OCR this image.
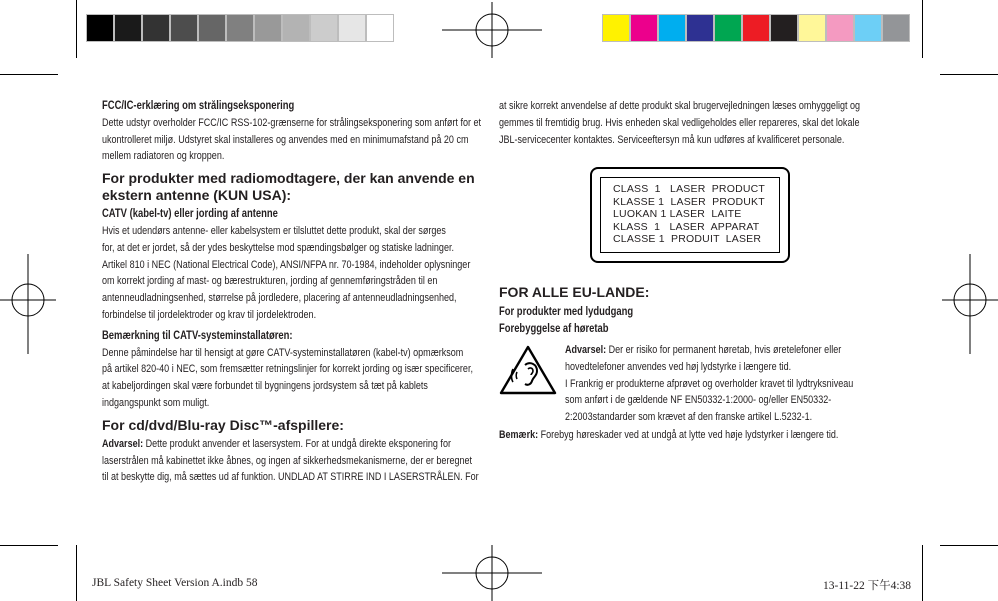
FCC/IC-erklæring om strålingseksponering
Dette udstyr overholder FCC/IC RSS-102-grænserne for strålingseksponering som anført for et
ukontrolleret miljø. Udstyret skal installeres og anvendes med en minimumafstand på 20 cm
mellem radiatoren og kroppen.
For produkter med radiomodtagere, der kan anvende en
ekstern antenne (KUN USA):
CATV (kabel-tv) eller jording af antenne
Hvis et udendørs antenne- eller kabelsystem er tilsluttet dette produkt, skal der sørges
for, at det er jordet, så der ydes beskyttelse mod spændingsbølger og statiske ladninger.
Artikel 810 i NEC (National Electrical Code), ANSI/NFPA nr. 70-1984, indeholder oplysninger
om korrekt jording af mast- og bærestrukturen, jording af gennemføringstråden til en
antenneudladningsenhed, størrelse på jordledere, placering af antenneudladningsenhed,
forbindelse til jordelektroder og krav til jordelektroden.
Bemærkning til CATV-systeminstallatøren:
Denne påmindelse har til hensigt at gøre CATV-systeminstallatøren (kabel-tv) opmærksom
på artikel 820-40 i NEC, som fremsætter retningslinjer for korrekt jording og især specificerer,
at kabeljordingen skal være forbundet til bygningens jordsystem så tæt på kablets
indgangspunkt som muligt.
For cd/dvd/Blu-ray Disc™-afspillere:
Advarsel: Dette produkt anvender et lasersystem. For at undgå direkte eksponering for
laserstrålen må kabinettet ikke åbnes, og ingen af sikkerhedsmekanismerne, der er beregnet
til at beskytte dig, må sættes ud af funktion. UNDLAD AT STIRRE IND I LASERSTRÅLEN. For
at sikre korrekt anvendelse af dette produkt skal brugervejledningen læses omhyggeligt og
gemmes til fremtidig brug. Hvis enheden skal vedligeholdes eller repareres, skal det lokale
JBL-servicecenter kontaktes. Serviceeftersyn må kun udføres af kvalificeret personale.
CLASS  1   LASER  PRODUCT
KLASSE 1  LASER  PRODUKT
LUOKAN 1 LASER  LAITE
KLASS  1   LASER  APPARAT
CLASSE 1  PRODUIT  LASER
FOR ALLE EU-LANDE:
For produkter med lydudgang
Forebyggelse af høretab
Advarsel: Der er risiko for permanent høretab, hvis øretelefoner eller
hovedtelefoner anvendes ved høj lydstyrke i længere tid.
I Frankrig er produkterne afprøvet og overholder kravet til lydtryksniveau
som anført i de gældende NF EN50332-1:2000- og/eller EN50332-
2:2003standarder som krævet af den franske artikel L.5232-1.
Bemærk: Forebyg høreskader ved at undgå at lytte ved høje lydstyrker i længere tid.
JBL Safety Sheet Version A.indb 58	13-11-22 下午4:38
